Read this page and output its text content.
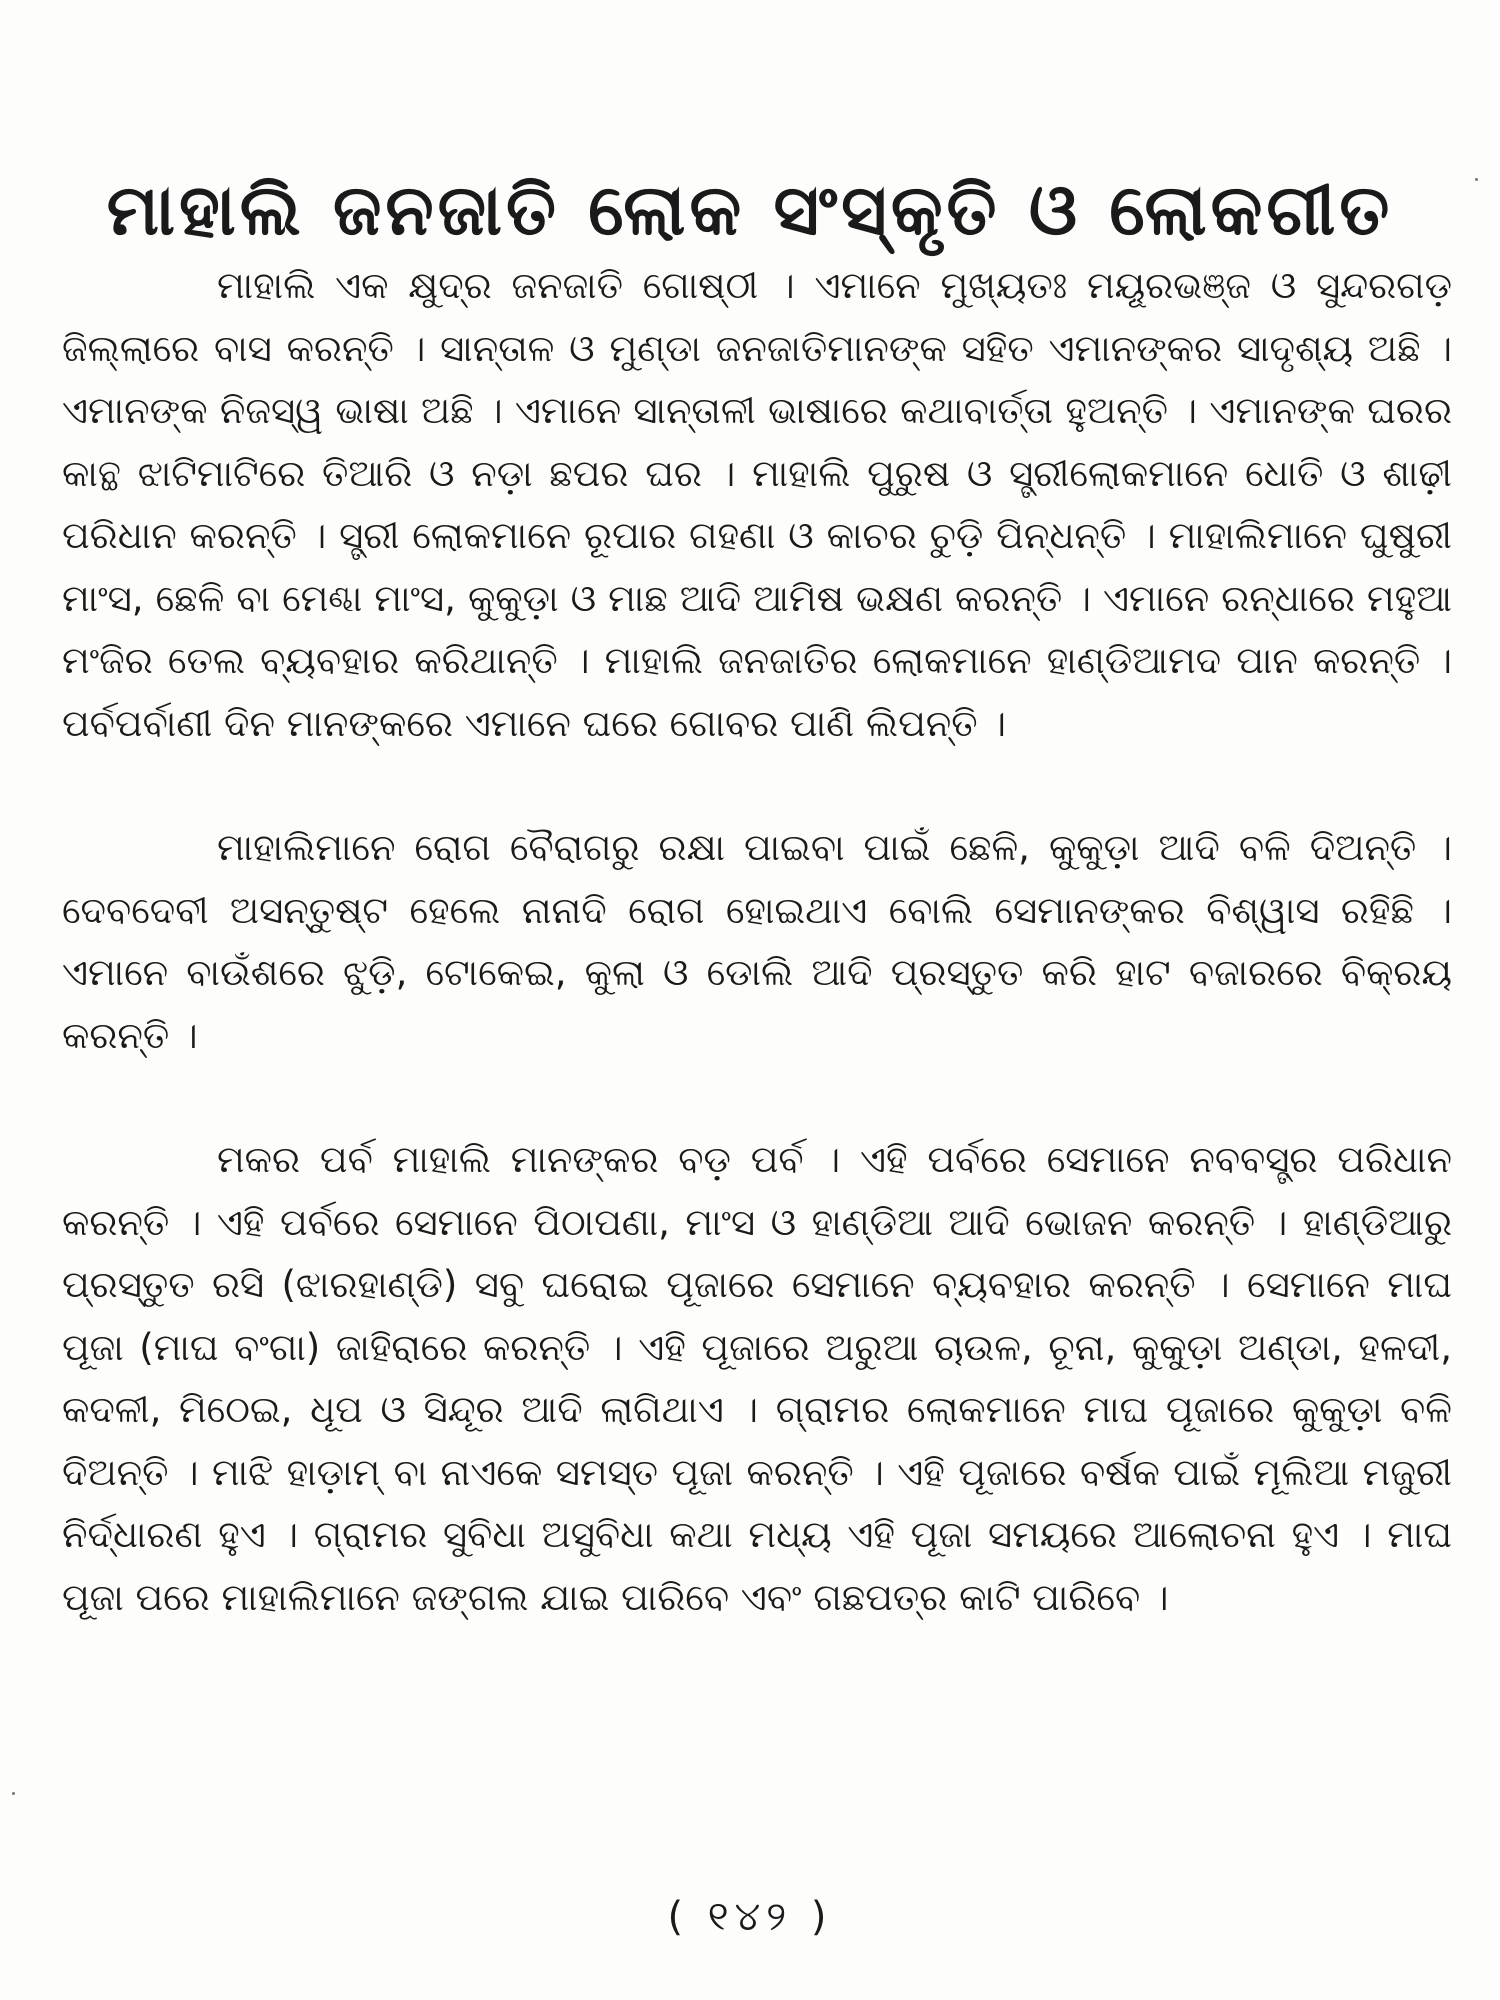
ମାହାଲି ଜନଜାତି ଲୋକ ସଂସ୍କୃତି ଓ ଲୋକଗୀତ

ମାହାଲି ଏକ କ୍ଷୁଦ୍ର ଜନଜାତି ଗୋଷ୍ଠୀ । ଏମାନେ ମୁଖ୍ୟତଃ ମୟୂରଭଞ୍ଜ ଓ ସୁନ୍ଦରଗଡ଼ ଜିଲ୍ଲାରେ ବାସ କରନ୍ତି । ସାନ୍ତାଳ ଓ ମୁଣ୍ଡା ଜନଜାତିମାନଙ୍କ ସହିତ ଏମାନଙ୍କର ସାଦୃଶ୍ୟ ଅଛି । ଏମାନଙ୍କ ନିଜସ୍ୱ ଭାଷା ଅଛି । ଏମାନେ ସାନ୍ତାଳୀ ଭାଷାରେ କଥାବାର୍ତ୍ତା ହୁଅନ୍ତି । ଏମାନଙ୍କ ଘରର କାନ୍ଥ ଝାଟିମାଟିରେ ତିଆରି ଓ ନଡ଼ା ଛପର ଘର । ମାହାଲି ପୁରୁଷ ଓ ସ୍ତ୍ରୀଲୋକମାନେ ଧୋତି ଓ ଶାଢ଼ୀ ପରିଧାନ କରନ୍ତି । ସ୍ତ୍ରୀ ଲୋକମାନେ ରୂପାର ଗହଣା ଓ କାଚର ଚୁଡ଼ି ପିନ୍ଧନ୍ତି । ମାହାଲିମାନେ ଘୁଷୁରୀ ମାଂସ, ଛେଳି ବା ମେଣ୍ଢା ମାଂସ, କୁକୁଡ଼ା ଓ ମାଛ ଆଦି ଆମିଷ ଭକ୍ଷଣ କରନ୍ତି । ଏମାନେ ରନ୍ଧାରେ ମହୁଆ ମଂଜିର ତେଲ ବ୍ୟବହାର କରିଥାନ୍ତି । ମାହାଲି ଜନଜାତିର ଲୋକମାନେ ହାଣ୍ଡିଆମଦ ପାନ କରନ୍ତି । ପର୍ବପର୍ବାଣୀ ଦିନ ମାନଙ୍କରେ ଏମାନେ ଘରେ ଗୋବର ପାଣି ଲିପନ୍ତି ।

ମାହାଲିମାନେ ରୋଗ ବୈରାଗରୁ ରକ୍ଷା ପାଇବା ପାଇଁ ଛେଳି, କୁକୁଡ଼ା ଆଦି ବଳି ଦିଅନ୍ତି । ଦେବଦେବୀ ଅସନ୍ତୁଷ୍ଟ ହେଲେ ନାନାଦି ରୋଗ ହୋଇଥାଏ ବୋଲି ସେମାନଙ୍କର ବିଶ୍ୱାସ ରହିଛି । ଏମାନେ ବାଉଁଶରେ ଝୁଡ଼ି, ଟୋକେଇ, କୁଲା ଓ ଡୋଲି ଆଦି ପ୍ରସ୍ତୁତ କରି ହାଟ ବଜାରରେ ବିକ୍ରୟ କରନ୍ତି ।

ମକର ପର୍ବ ମାହାଲି ମାନଙ୍କର ବଡ଼ ପର୍ବ । ଏହି ପର୍ବରେ ସେମାନେ ନବବସ୍ତ୍ର ପରିଧାନ କରନ୍ତି । ଏହି ପର୍ବରେ ସେମାନେ ପିଠାପଣା, ମାଂସ ଓ ହାଣ୍ଡିଆ ଆଦି ଭୋଜନ କରନ୍ତି । ହାଣ୍ଡିଆରୁ ପ୍ରସ୍ତୁତ ରସି (ଝାରହାଣ୍ଡି) ସବୁ ଘରୋଇ ପୂଜାରେ ସେମାନେ ବ୍ୟବହାର କରନ୍ତି । ସେମାନେ ମାଘ ପୂଜା (ମାଘ ବଂଗା) ଜାହିରାରେ କରନ୍ତି । ଏହି ପୂଜାରେ ଅରୁଆ ଚାଉଳ, ଚୂନା, କୁକୁଡ଼ା ଅଣ୍ଡା, ହଳଦୀ, କଦଳୀ, ମିଠେଇ, ଧୂପ ଓ ସିନ୍ଦୂର ଆଦି ଲାଗିଥାଏ । ଗ୍ରାମର ଲୋକମାନେ ମାଘ ପୂଜାରେ କୁକୁଡ଼ା ବଳି ଦିଅନ୍ତି । ମାଝି ହାଡ଼ାମ୍ ବା ନାଏକେ ସମସ୍ତ ପୂଜା କରନ୍ତି । ଏହି ପୂଜାରେ ବର୍ଷକ ପାଇଁ ମୂଲିଆ ମଜୁରୀ ନିର୍ଦ୍ଧାରଣ ହୁଏ । ଗ୍ରାମର ସୁବିଧା ଅସୁବିଧା କଥା ମଧ୍ୟ ଏହି ପୂଜା ସମୟରେ ଆଲୋଚନା ହୁଏ । ମାଘ ପୂଜା ପରେ ମାହାଲିମାନେ ଜଙ୍ଗଲ ଯାଇ ପାରିବେ ଏବଂ ଗଛପତ୍ର କାଟି ପାରିବେ ।

( ୧୪୨ )
